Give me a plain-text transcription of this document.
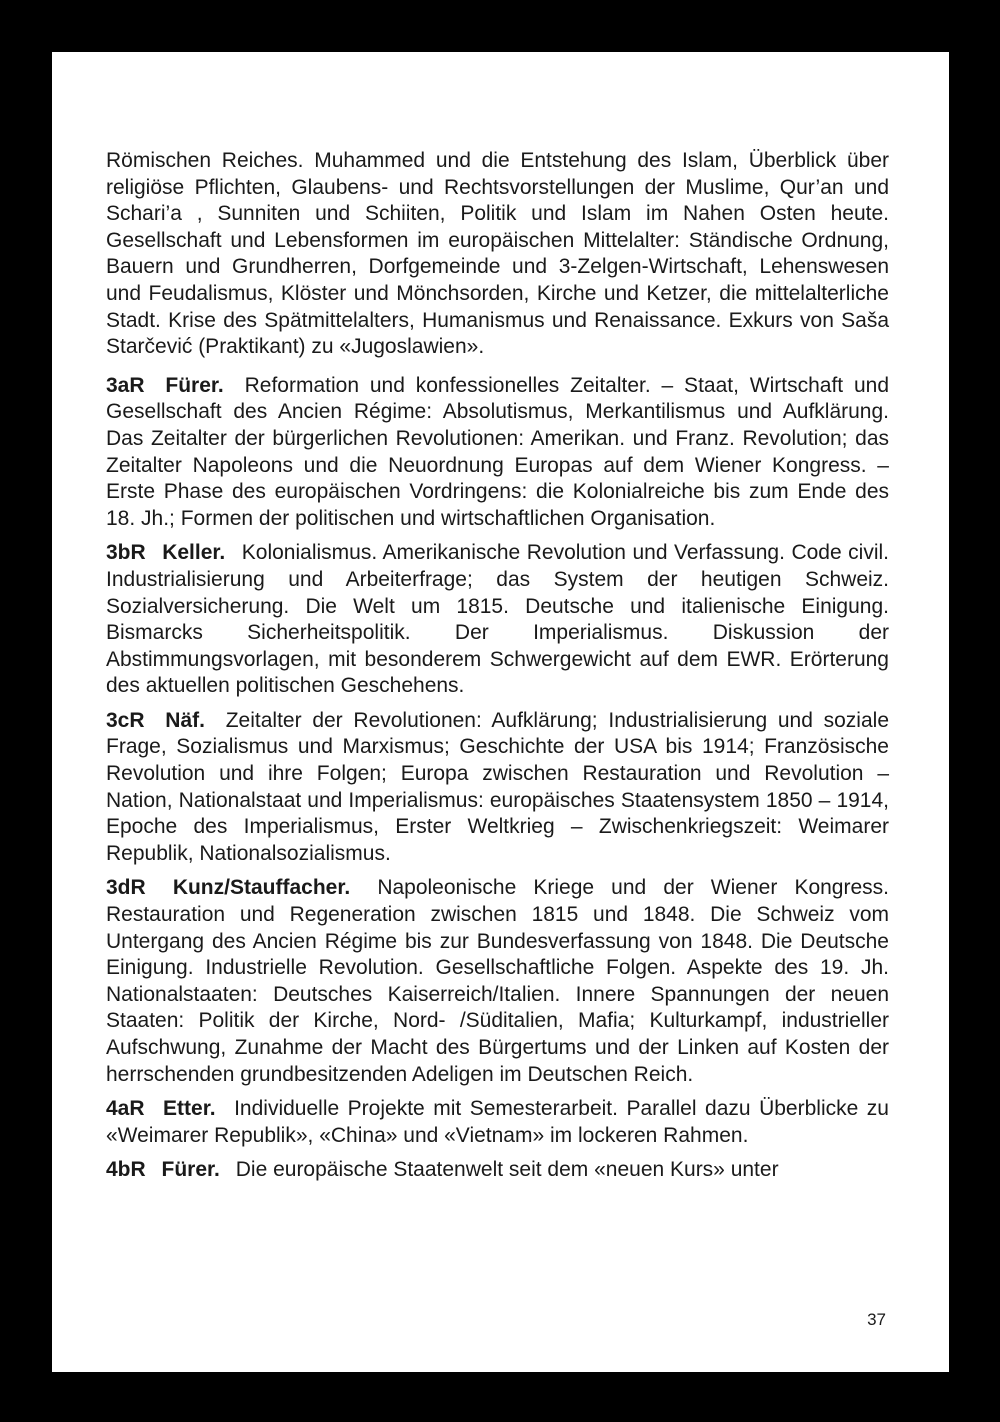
Römischen Reiches. Muhammed und die Entstehung des Islam, Überblick über religiöse Pflichten, Glaubens- und Rechtsvorstellungen der Muslime, Qur’an und Schari’a , Sunniten und Schiiten, Politik und Islam im Nahen Osten heute. Gesellschaft und Lebensformen im europäischen Mittelalter: Ständische Ordnung, Bauern und Grundherren, Dorfgemeinde und 3-Zelgen-Wirtschaft, Lehenswesen und Feudalismus, Klöster und Mönchsorden, Kirche und Ketzer, die mittelalterliche Stadt. Krise des Spätmittelalters, Humanismus und Renaissance. Exkurs von Saša Starčević (Praktikant) zu «Jugoslawien».

3aR Fürer. Reformation und konfessionelles Zeitalter. – Staat, Wirtschaft und Gesellschaft des Ancien Régime: Absolutismus, Merkantilismus und Aufklärung. Das Zeitalter der bürgerlichen Revolutionen: Amerikan. und Franz. Revolution; das Zeitalter Napoleons und die Neuordnung Europas auf dem Wiener Kongress. – Erste Phase des europäischen Vordringens: die Kolonialreiche bis zum Ende des 18. Jh.; Formen der politischen und wirtschaftlichen Organisation.

3bR Keller. Kolonialismus. Amerikanische Revolution und Verfassung. Code civil. Industrialisierung und Arbeiterfrage; das System der heutigen Schweiz. Sozialversicherung. Die Welt um 1815. Deutsche und italienische Einigung. Bismarcks Sicherheitspolitik. Der Imperialismus. Diskussion der Abstimmungsvorlagen, mit besonderem Schwergewicht auf dem EWR. Erörterung des aktuellen politischen Geschehens.

3cR Näf. Zeitalter der Revolutionen: Aufklärung; Industrialisierung und soziale Frage, Sozialismus und Marxismus; Geschichte der USA bis 1914; Französische Revolution und ihre Folgen; Europa zwischen Restauration und Revolution – Nation, Nationalstaat und Imperialismus: europäisches Staatensystem 1850 – 1914, Epoche des Imperialismus, Erster Weltkrieg – Zwischenkriegszeit: Weimarer Republik, Nationalsozialismus.

3dR Kunz/Stauffacher. Napoleonische Kriege und der Wiener Kongress. Restauration und Regeneration zwischen 1815 und 1848. Die Schweiz vom Untergang des Ancien Régime bis zur Bundesverfassung von 1848. Die Deutsche Einigung. Industrielle Revolution. Gesellschaftliche Folgen. Aspekte des 19. Jh. Nationalstaaten: Deutsches Kaiserreich/Italien. Innere Spannungen der neuen Staaten: Politik der Kirche, Nord- /Süditalien, Mafia; Kulturkampf, industrieller Aufschwung, Zunahme der Macht des Bürgertums und der Linken auf Kosten der herrschenden grundbesitzenden Adeligen im Deutschen Reich.

4aR Etter. Individuelle Projekte mit Semesterarbeit. Parallel dazu Überblicke zu «Weimarer Republik», «China» und «Vietnam» im lockeren Rahmen.

4bR Fürer. Die europäische Staatenwelt seit dem «neuen Kurs» unter

37
